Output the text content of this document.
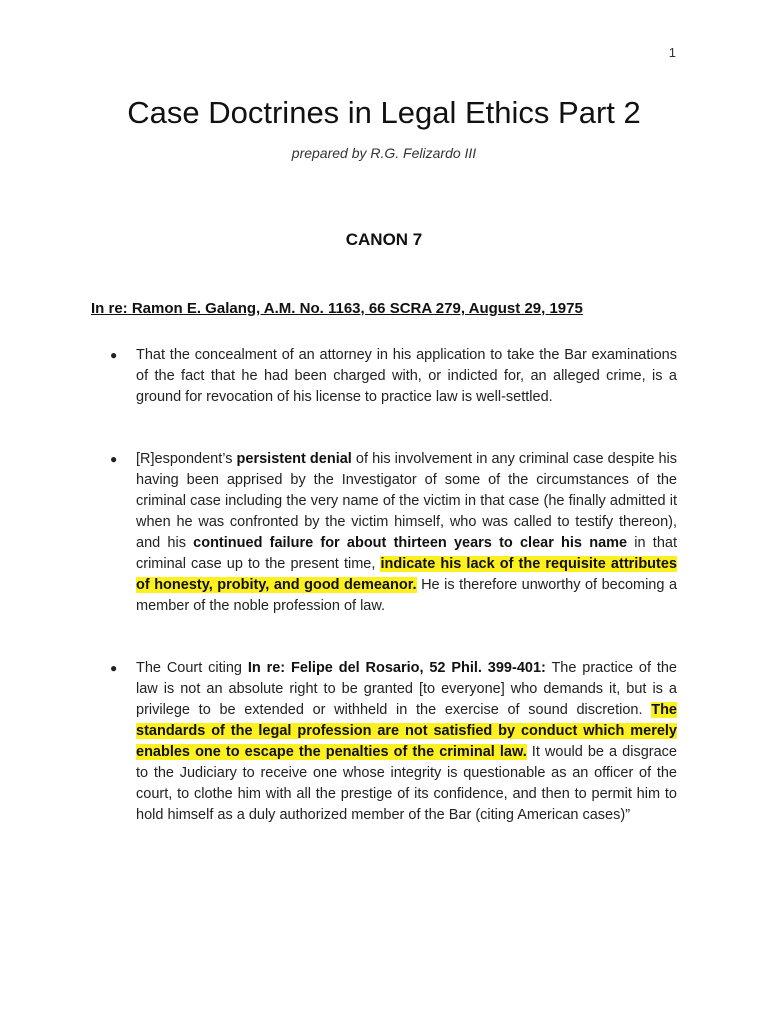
1
Case Doctrines in Legal Ethics Part 2
prepared by R.G. Felizardo III
CANON 7
In re: Ramon E. Galang, A.M. No. 1163, 66 SCRA 279, August 29, 1975
● That the concealment of an attorney in his application to take the Bar examinations of the fact that he had been charged with, or indicted for, an alleged crime, is a ground for revocation of his license to practice law is well-settled.
● [R]espondent’s persistent denial of his involvement in any criminal case despite his having been apprised by the Investigator of some of the circumstances of the criminal case including the very name of the victim in that case (he finally admitted it when he was confronted by the victim himself, who was called to testify thereon), and his continued failure for about thirteen years to clear his name in that criminal case up to the present time, indicate his lack of the requisite attributes of honesty, probity, and good demeanor. He is therefore unworthy of becoming a member of the noble profession of law.
● The Court citing In re: Felipe del Rosario, 52 Phil. 399-401: The practice of the law is not an absolute right to be granted [to everyone] who demands it, but is a privilege to be extended or withheld in the exercise of sound discretion. The standards of the legal profession are not satisfied by conduct which merely enables one to escape the penalties of the criminal law. It would be a disgrace to the Judiciary to receive one whose integrity is questionable as an officer of the court, to clothe him with all the prestige of its confidence, and then to permit him to hold himself as a duly authorized member of the Bar (citing American cases)”
